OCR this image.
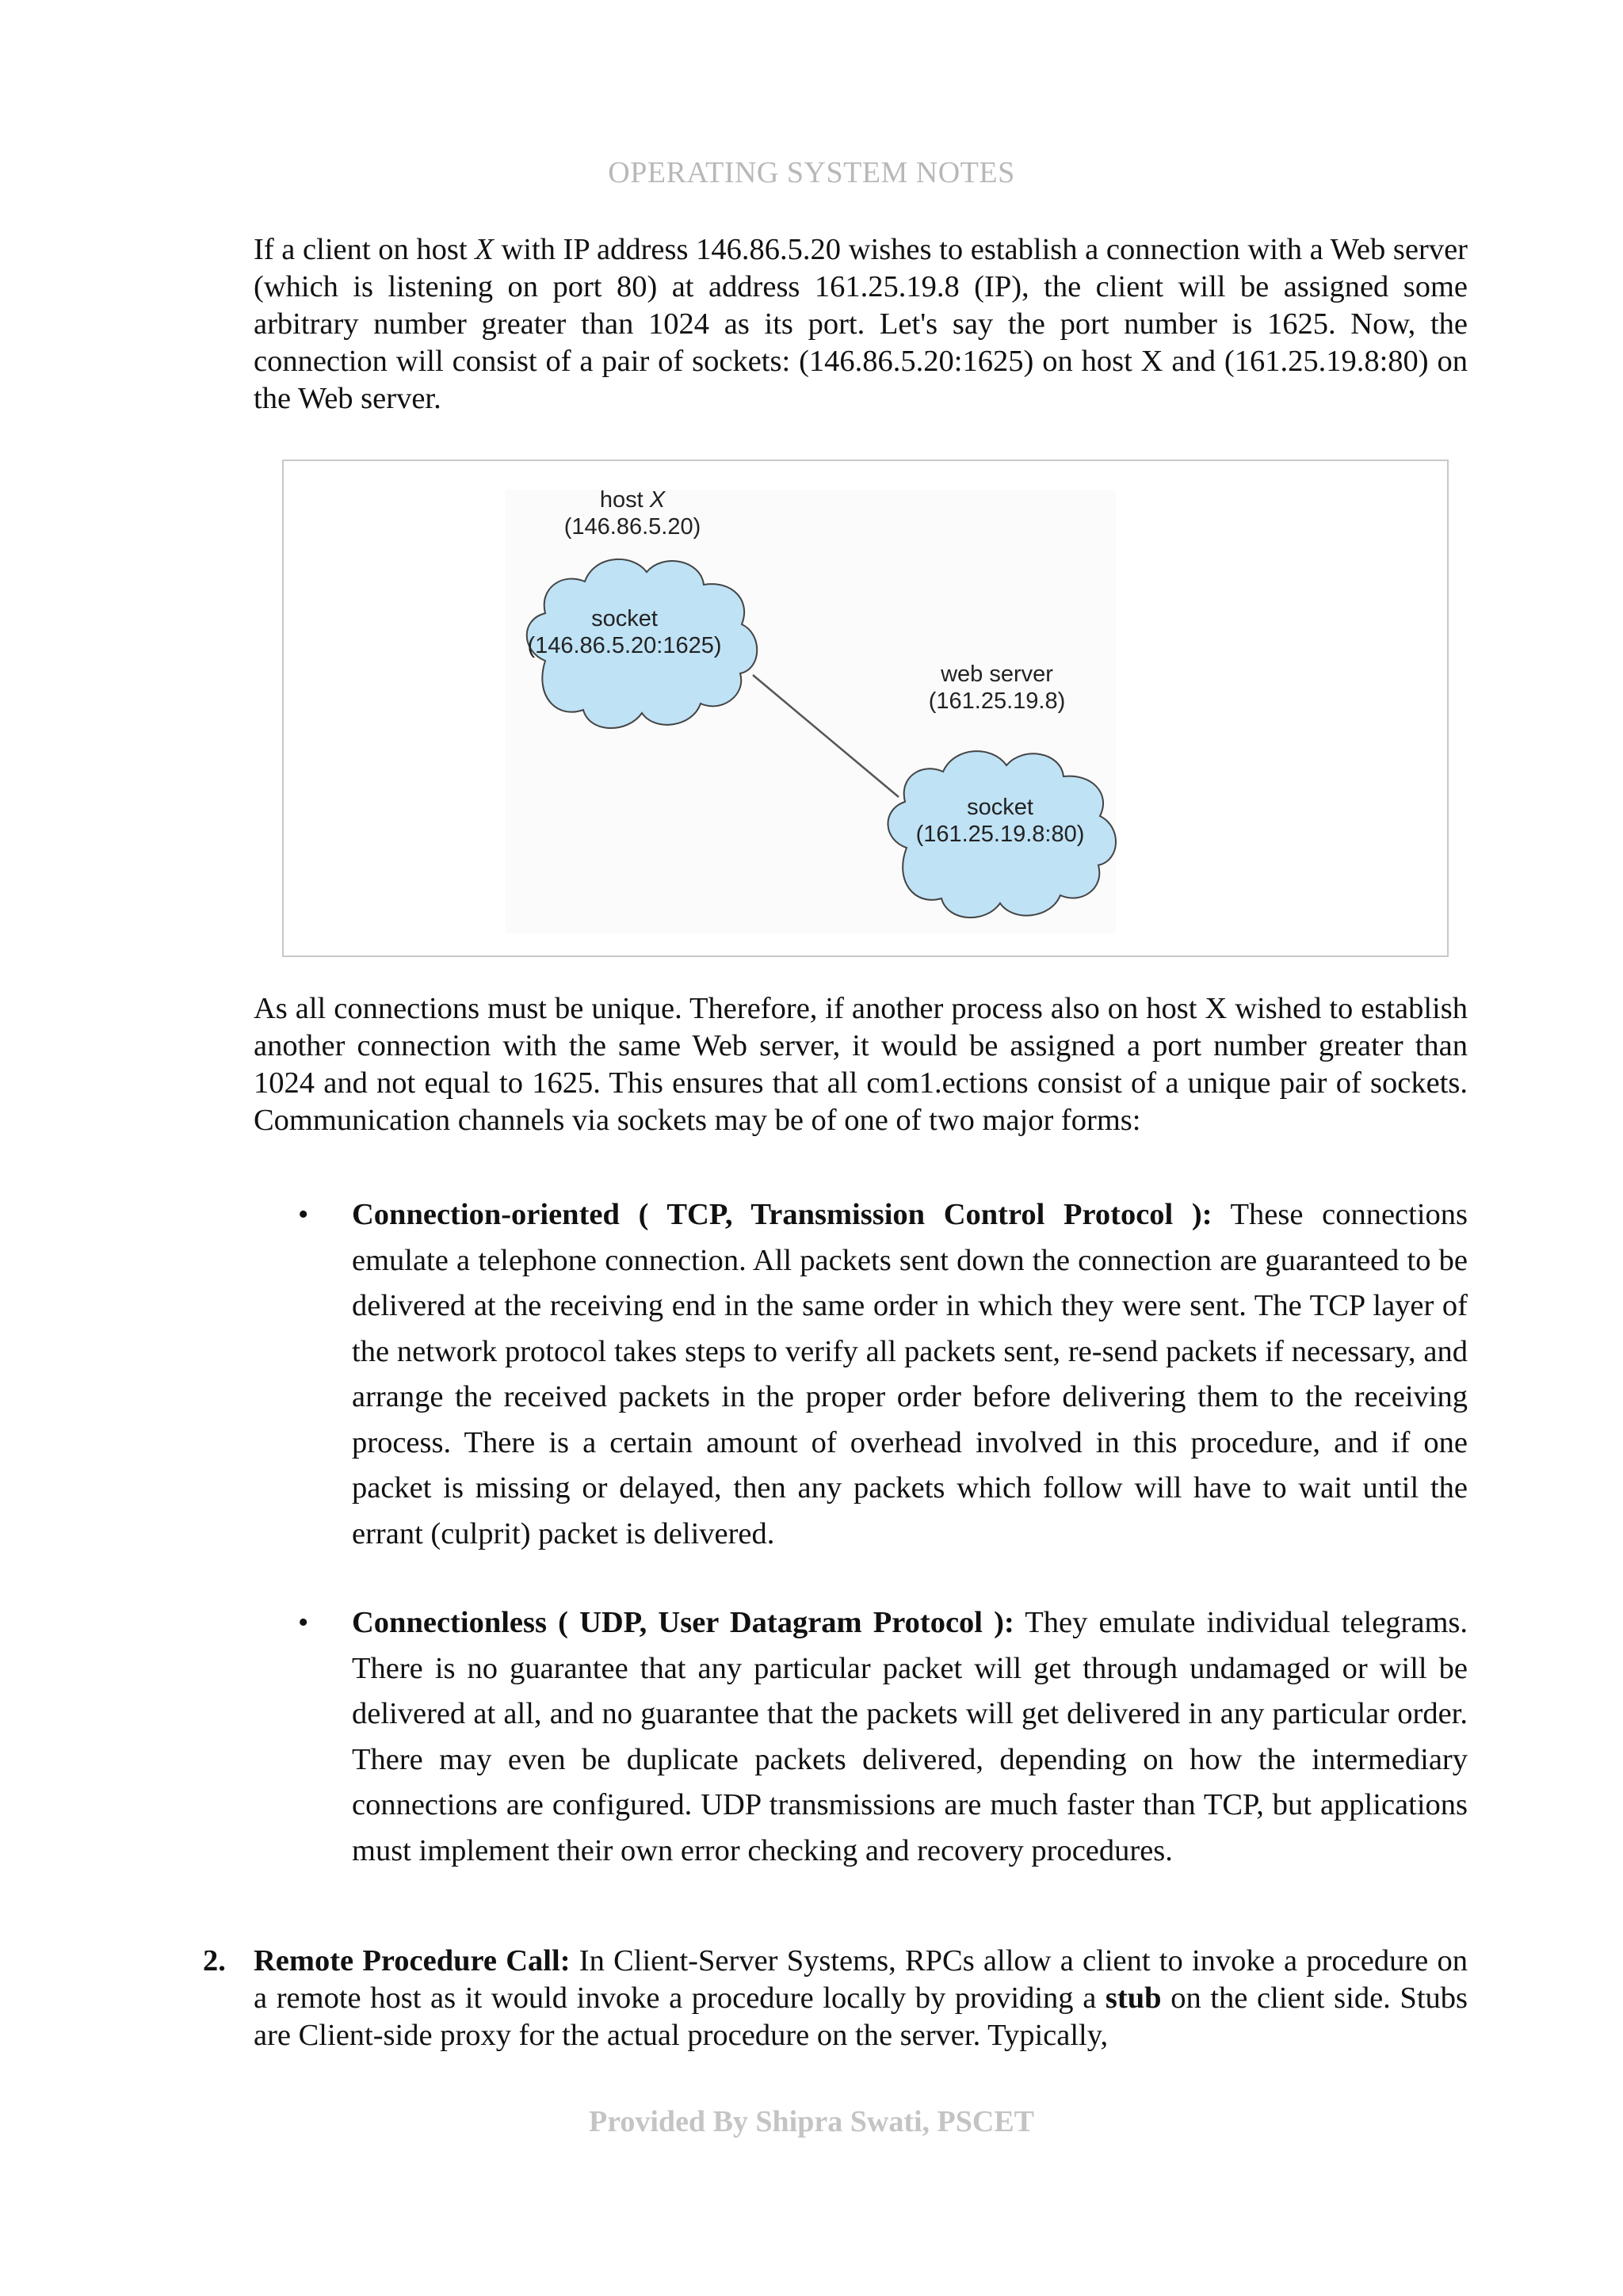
OPERATING SYSTEM NOTES

If a client on host X with IP address 146.86.5.20 wishes to establish a connection with a Web server (which is listening on port 80) at address 161.25.19.8 (IP), the client will be assigned some arbitrary number greater than 1024 as its port. Let's say the port number is 1625. Now, the connection will consist of a pair of sockets: (146.86.5.20:1625) on host X and (161.25.19.8:80) on the Web server.

host X
(146.86.5.20)
socket
(146.86.5.20:1625)
web server
(161.25.19.8)
socket
(161.25.19.8:80)

As all connections must be unique. Therefore, if another process also on host X wished to establish another connection with the same Web server, it would be assigned a port number greater than 1024 and not equal to 1625. This ensures that all com1.ections consist of a unique pair of sockets. Communication channels via sockets may be of one of two major forms:

• Connection-oriented ( TCP, Transmission Control Protocol ): These connections emulate a telephone connection. All packets sent down the connection are guaranteed to be delivered at the receiving end in the same order in which they were sent. The TCP layer of the network protocol takes steps to verify all packets sent, re-send packets if necessary, and arrange the received packets in the proper order before delivering them to the receiving process. There is a certain amount of overhead involved in this procedure, and if one packet is missing or delayed, then any packets which follow will have to wait until the errant (culprit) packet is delivered.

• Connectionless ( UDP, User Datagram Protocol ): They emulate individual telegrams. There is no guarantee that any particular packet will get through undamaged or will be delivered at all, and no guarantee that the packets will get delivered in any particular order. There may even be duplicate packets delivered, depending on how the intermediary connections are configured. UDP transmissions are much faster than TCP, but applications must implement their own error checking and recovery procedures.

2. Remote Procedure Call: In Client-Server Systems, RPCs allow a client to invoke a procedure on a remote host as it would invoke a procedure locally by providing a stub on the client side. Stubs are Client-side proxy for the actual procedure on the server. Typically,

Provided By Shipra Swati, PSCET
